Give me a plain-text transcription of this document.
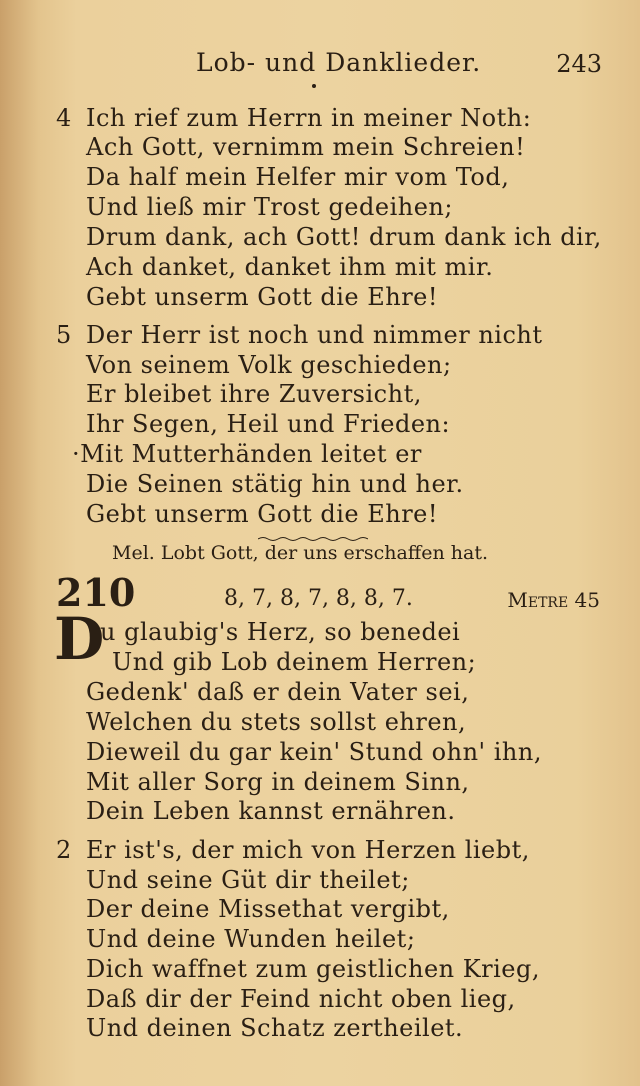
Lob- und Danklieder.	243
4 Ich rief zum Herrn in meiner Noth:
Ach Gott, vernimm mein Schreien!
Da half mein Helfer mir vom Tod,
Und ließ mir Trost gedeihen;
Drum dank, ach Gott! drum dank ich dir,
Ach danket, danket ihm mit mir.
Gebt unserm Gott die Ehre!
5 Der Herr ist noch und nimmer nicht
Von seinem Volk geschieden;
Er bleibet ihre Zuversicht,
Ihr Segen, Heil und Frieden:
·Mit Mutterhänden leitet er
Die Seinen stätig hin und her.
Gebt unserm Gott die Ehre!
Mel. Lobt Gott, der uns erschaffen hat.
210	8, 7, 8, 7, 8, 8, 7.	Metre 45
D
u glaubig's Herz, so benedei
Und gib Lob deinem Herren;
Gedenk' daß er dein Vater sei,
Welchen du stets sollst ehren,
Dieweil du gar kein' Stund ohn' ihn,
Mit aller Sorg in deinem Sinn,
Dein Leben kannst ernähren.
2 Er ist's, der mich von Herzen liebt,
Und seine Güt dir theilet;
Der deine Missethat vergibt,
Und deine Wunden heilet;
Dich waffnet zum geistlichen Krieg,
Daß dir der Feind nicht oben lieg,
Und deinen Schatz zertheilet.
